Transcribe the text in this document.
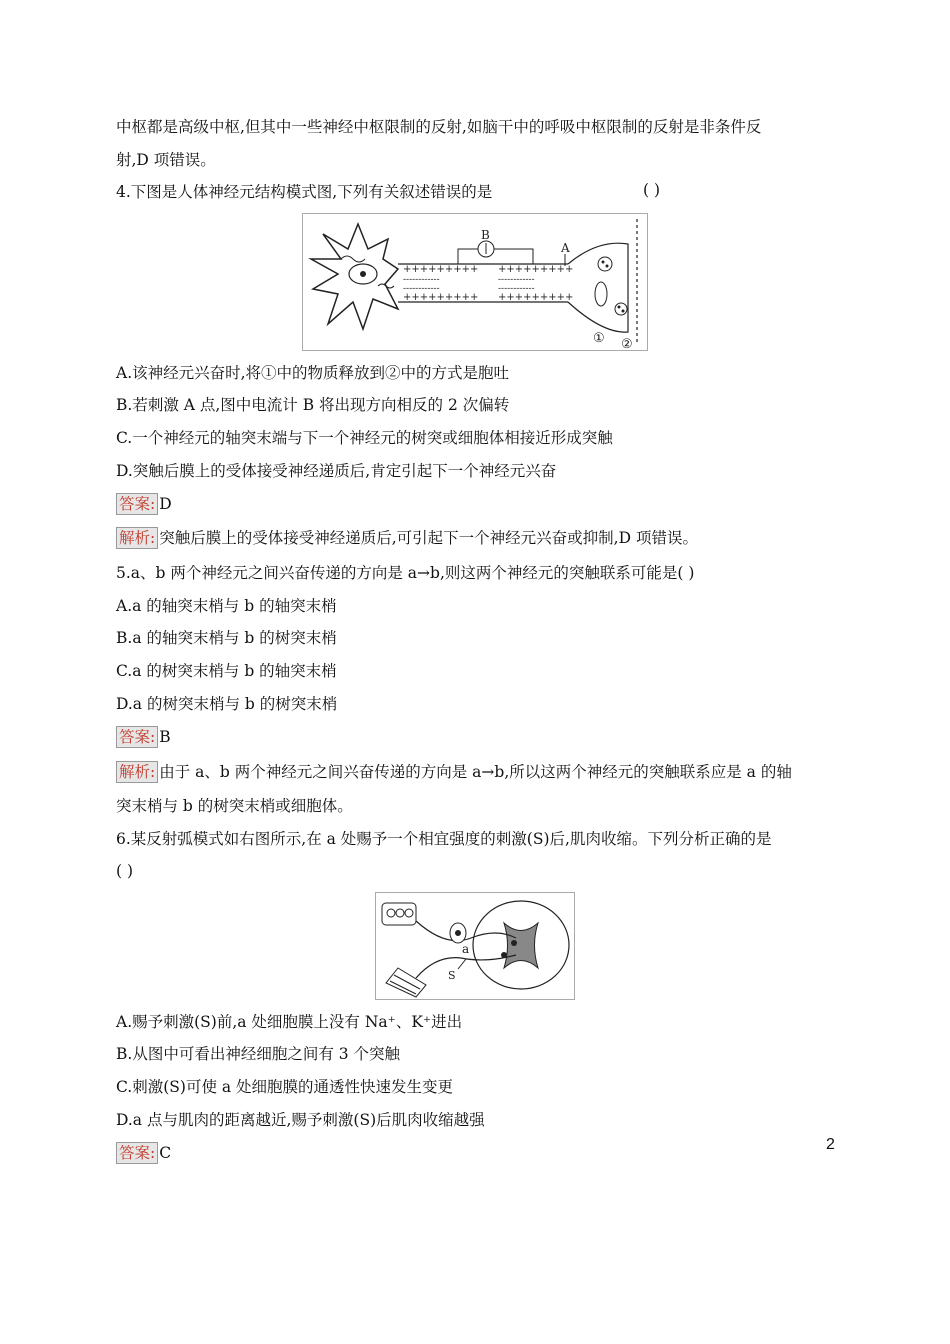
中枢都是高级中枢,但其中一些神经中枢限制的反射,如脑干中的呼吸中枢限制的反射是非条件反
射,D 项错误。
4.下图是人体神经元结构模式图,下列有关叙述错误的是	( )
+++++++++ +++++++++
------------	------------
------------	------------
+++++++++ +++++++++
B
A
① ②
A.该神经元兴奋时,将①中的物质释放到②中的方式是胞吐
B.若刺激 A 点,图中电流计 B 将出现方向相反的 2 次偏转
C.一个神经元的轴突末端与下一个神经元的树突或细胞体相接近形成突触
D.突触后膜上的受体接受神经递质后,肯定引起下一个神经元兴奋
答案: D
解析: 突触后膜上的受体接受神经递质后,可引起下一个神经元兴奋或抑制,D 项错误。
5.a、b 两个神经元之间兴奋传递的方向是 a→b,则这两个神经元的突触联系可能是( )
A.a 的轴突末梢与 b 的轴突末梢
B.a 的轴突末梢与 b 的树突末梢
C.a 的树突末梢与 b 的轴突末梢
D.a 的树突末梢与 b 的树突末梢
答案: B
解析: 由于 a、b 两个神经元之间兴奋传递的方向是 a→b,所以这两个神经元的突触联系应是 a 的轴
突末梢与 b 的树突末梢或细胞体。
6.某反射弧模式如右图所示,在 a 处赐予一个相宜强度的刺激(S)后,肌肉收缩。下列分析正确的是
( )
a
S
A.赐予刺激(S)前,a 处细胞膜上没有 Na⁺、K⁺进出
B.从图中可看出神经细胞之间有 3 个突触
C.刺激(S)可使 a 处细胞膜的通透性快速发生变更
D.a 点与肌肉的距离越近,赐予刺激(S)后肌肉收缩越强
答案: C	2
